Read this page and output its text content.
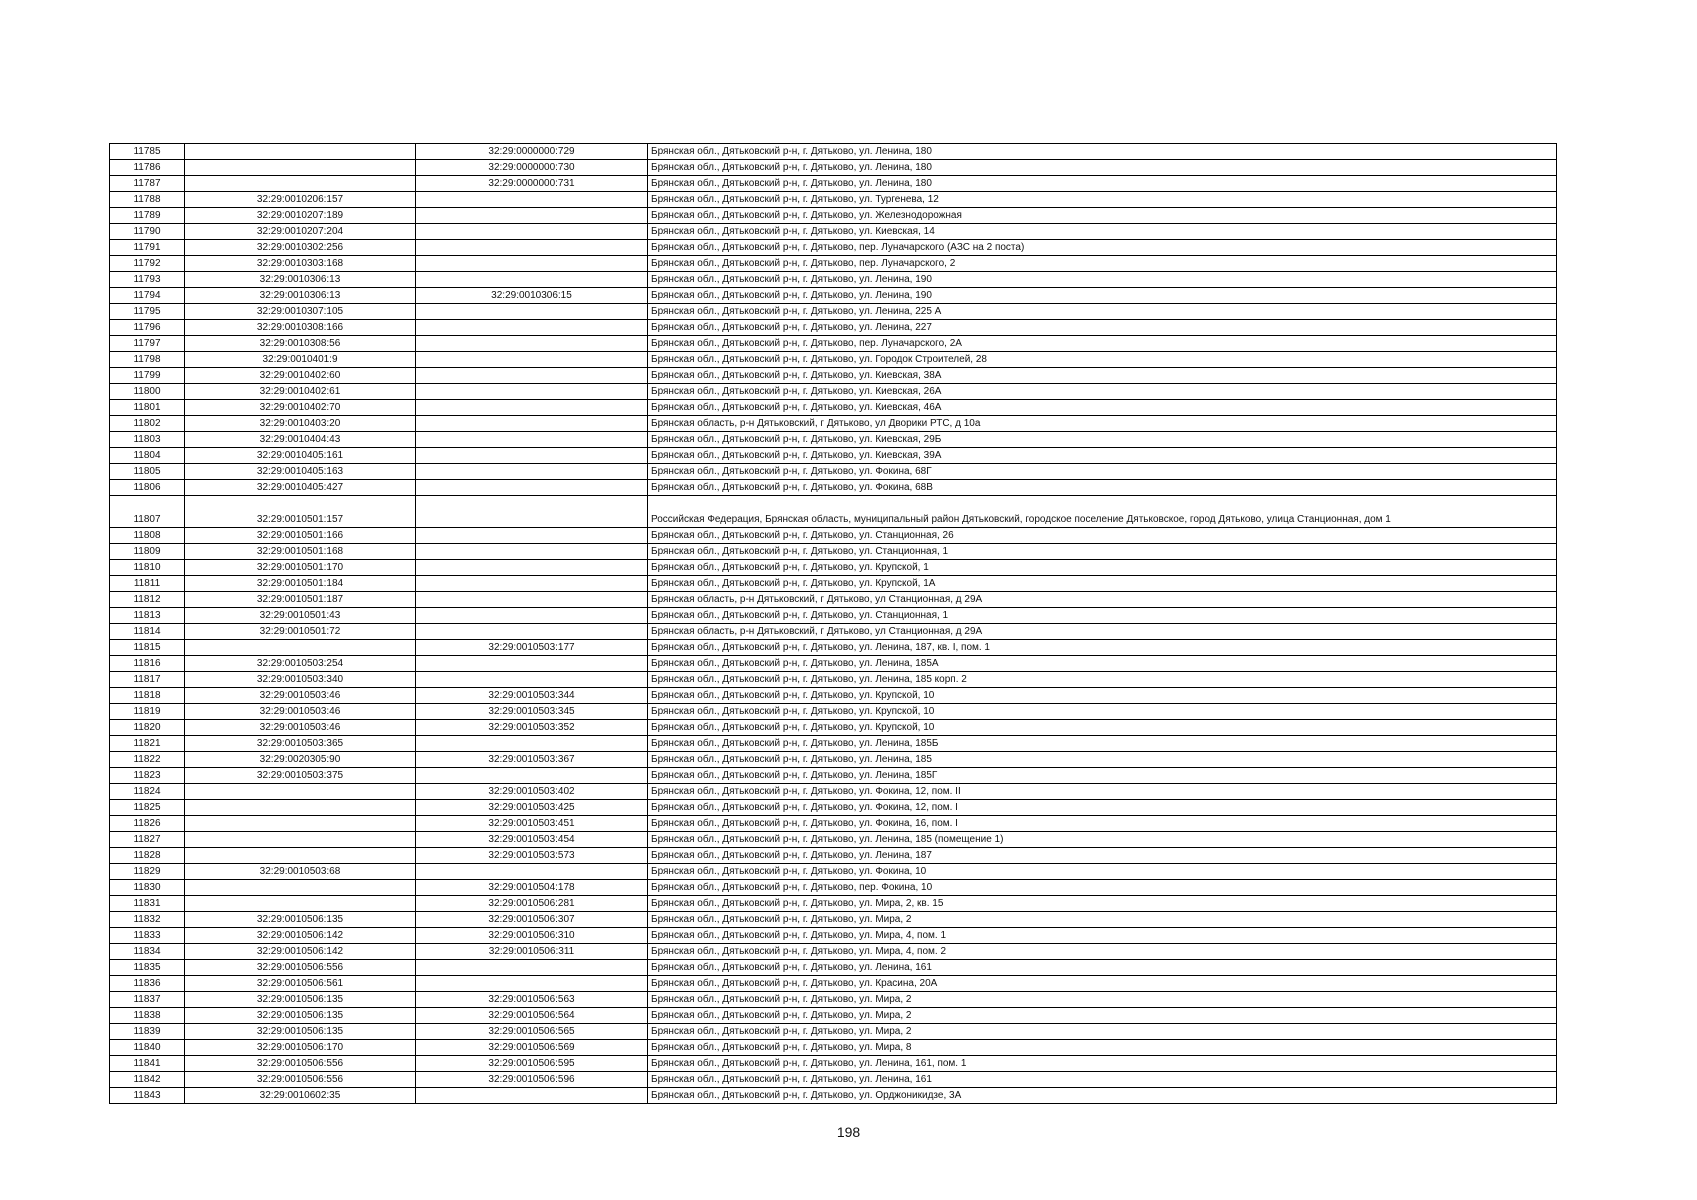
11785		32:29:0000000:729	Брянская обл., Дятьковский р-н, г. Дятьково, ул. Ленина, 180
11786		32:29:0000000:730	Брянская обл., Дятьковский р-н, г. Дятьково, ул. Ленина, 180
11787		32:29:0000000:731	Брянская обл., Дятьковский р-н, г. Дятьково, ул. Ленина, 180
11788	32:29:0010206:157		Брянская обл., Дятьковский р-н, г. Дятьково, ул. Тургенева, 12
11789	32:29:0010207:189		Брянская обл., Дятьковский р-н, г. Дятьково, ул. Железнодорожная
11790	32:29:0010207:204		Брянская обл., Дятьковский р-н, г. Дятьково, ул. Киевская, 14
11791	32:29:0010302:256		Брянская обл., Дятьковский р-н, г. Дятьково, пер. Луначарского (АЗС на 2 поста)
11792	32:29:0010303:168		Брянская обл., Дятьковский р-н, г. Дятьково, пер. Луначарского, 2
11793	32:29:0010306:13		Брянская обл., Дятьковский р-н, г. Дятьково, ул. Ленина, 190
11794	32:29:0010306:13	32:29:0010306:15	Брянская обл., Дятьковский р-н, г. Дятьково, ул. Ленина, 190
11795	32:29:0010307:105		Брянская обл., Дятьковский р-н, г. Дятьково, ул. Ленина, 225 А
11796	32:29:0010308:166		Брянская обл., Дятьковский р-н, г. Дятьково, ул. Ленина, 227
11797	32:29:0010308:56		Брянская обл., Дятьковский р-н, г. Дятьково, пер. Луначарского, 2А
11798	32:29:0010401:9		Брянская обл., Дятьковский р-н, г. Дятьково, ул. Городок Строителей, 28
11799	32:29:0010402:60		Брянская обл., Дятьковский р-н, г. Дятьково, ул. Киевская, 38А
11800	32:29:0010402:61		Брянская обл., Дятьковский р-н, г. Дятьково, ул. Киевская, 26А
11801	32:29:0010402:70		Брянская обл., Дятьковский р-н, г. Дятьково, ул. Киевская, 46А
11802	32:29:0010403:20		Брянская область, р-н Дятьковский, г Дятьково, ул Дворики РТС, д 10а
11803	32:29:0010404:43		Брянская обл., Дятьковский р-н, г. Дятьково, ул. Киевская, 29Б
11804	32:29:0010405:161		Брянская обл., Дятьковский р-н, г. Дятьково, ул. Киевская, 39А
11805	32:29:0010405:163		Брянская обл., Дятьковский р-н, г. Дятьково, ул. Фокина, 68Г
11806	32:29:0010405:427		Брянская обл., Дятьковский р-н, г. Дятьково, ул. Фокина, 68В
11807	32:29:0010501:157		Российская Федерация, Брянская область, муниципальный район Дятьковский, городское поселение Дятьковское, город Дятьково, улица Станционная, дом 1
11808	32:29:0010501:166		Брянская обл., Дятьковский р-н, г. Дятьково, ул. Станционная, 26
11809	32:29:0010501:168		Брянская обл., Дятьковский р-н, г. Дятьково, ул. Станционная, 1
11810	32:29:0010501:170		Брянская обл., Дятьковский р-н, г. Дятьково, ул. Крупской, 1
11811	32:29:0010501:184		Брянская обл., Дятьковский р-н, г. Дятьково, ул. Крупской, 1А
11812	32:29:0010501:187		Брянская область, р-н Дятьковский, г Дятьково, ул Станционная, д 29А
11813	32:29:0010501:43		Брянская обл., Дятьковский р-н, г. Дятьково, ул. Станционная, 1
11814	32:29:0010501:72		Брянская область, р-н Дятьковский, г Дятьково, ул Станционная, д 29А
11815		32:29:0010503:177	Брянская обл., Дятьковский р-н, г. Дятьково, ул. Ленина, 187, кв. I, пом. 1
11816	32:29:0010503:254		Брянская обл., Дятьковский р-н, г. Дятьково, ул. Ленина, 185А
11817	32:29:0010503:340		Брянская обл., Дятьковский р-н, г. Дятьково, ул. Ленина, 185 корп. 2
11818	32:29:0010503:46	32:29:0010503:344	Брянская обл., Дятьковский р-н, г. Дятьково, ул. Крупской, 10
11819	32:29:0010503:46	32:29:0010503:345	Брянская обл., Дятьковский р-н, г. Дятьково, ул. Крупской, 10
11820	32:29:0010503:46	32:29:0010503:352	Брянская обл., Дятьковский р-н, г. Дятьково, ул. Крупской, 10
11821	32:29:0010503:365		Брянская обл., Дятьковский р-н, г. Дятьково, ул. Ленина, 185Б
11822	32:29:0020305:90	32:29:0010503:367	Брянская обл., Дятьковский р-н, г. Дятьково, ул. Ленина, 185
11823	32:29:0010503:375		Брянская обл., Дятьковский р-н, г. Дятьково, ул. Ленина, 185Г
11824		32:29:0010503:402	Брянская обл., Дятьковский р-н, г. Дятьково, ул. Фокина, 12, пом. II
11825		32:29:0010503:425	Брянская обл., Дятьковский р-н, г. Дятьково, ул. Фокина, 12, пом. I
11826		32:29:0010503:451	Брянская обл., Дятьковский р-н, г. Дятьково, ул. Фокина, 16, пом. I
11827		32:29:0010503:454	Брянская обл., Дятьковский р-н, г. Дятьково, ул. Ленина, 185 (помещение 1)
11828		32:29:0010503:573	Брянская обл., Дятьковский р-н, г. Дятьково, ул. Ленина, 187
11829	32:29:0010503:68		Брянская обл., Дятьковский р-н, г. Дятьково, ул. Фокина, 10
11830		32:29:0010504:178	Брянская обл., Дятьковский р-н, г. Дятьково, пер. Фокина, 10
11831		32:29:0010506:281	Брянская обл., Дятьковский р-н, г. Дятьково, ул. Мира, 2, кв. 15
11832	32:29:0010506:135	32:29:0010506:307	Брянская обл., Дятьковский р-н, г. Дятьково, ул. Мира, 2
11833	32:29:0010506:142	32:29:0010506:310	Брянская обл., Дятьковский р-н, г. Дятьково, ул. Мира, 4, пом. 1
11834	32:29:0010506:142	32:29:0010506:311	Брянская обл., Дятьковский р-н, г. Дятьково, ул. Мира, 4, пом. 2
11835	32:29:0010506:556		Брянская обл., Дятьковский р-н, г. Дятьково, ул. Ленина, 161
11836	32:29:0010506:561		Брянская обл., Дятьковский р-н, г. Дятьково, ул. Красина, 20А
11837	32:29:0010506:135	32:29:0010506:563	Брянская обл., Дятьковский р-н, г. Дятьково, ул. Мира, 2
11838	32:29:0010506:135	32:29:0010506:564	Брянская обл., Дятьковский р-н, г. Дятьково, ул. Мира, 2
11839	32:29:0010506:135	32:29:0010506:565	Брянская обл., Дятьковский р-н, г. Дятьково, ул. Мира, 2
11840	32:29:0010506:170	32:29:0010506:569	Брянская обл., Дятьковский р-н, г. Дятьково, ул. Мира, 8
11841	32:29:0010506:556	32:29:0010506:595	Брянская обл., Дятьковский р-н, г. Дятьково, ул. Ленина, 161, пом. 1
11842	32:29:0010506:556	32:29:0010506:596	Брянская обл., Дятьковский р-н, г. Дятьково, ул. Ленина, 161
11843	32:29:0010602:35		Брянская обл., Дятьковский р-н, г. Дятьково, ул. Орджоникидзе, 3А
198
